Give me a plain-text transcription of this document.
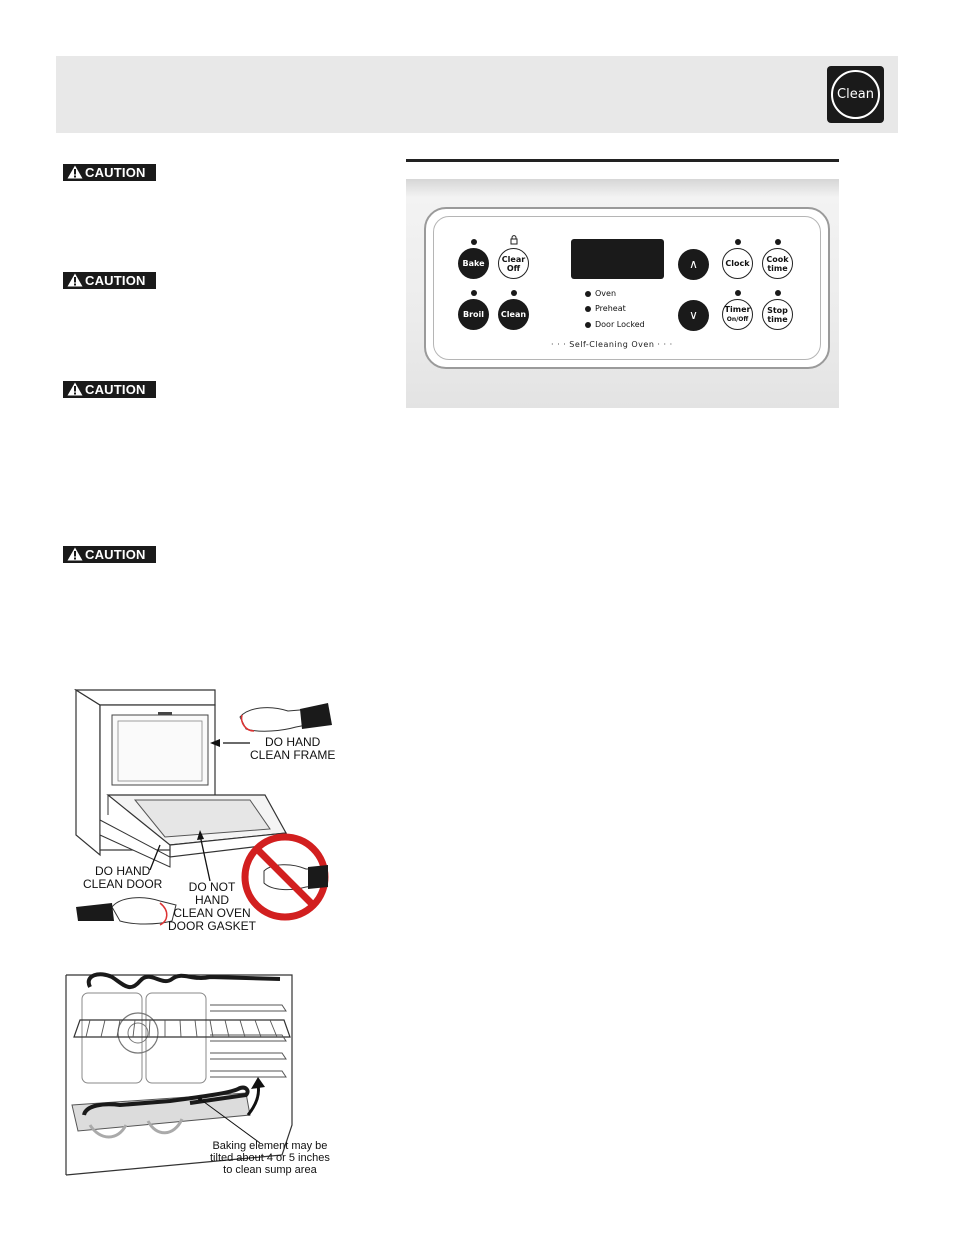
Clean
CAUTION
CAUTION
CAUTION
CAUTION
Bake	Clear
Off
Broil	Clean
Oven
Preheat
Door Locked
∧
∨
Clock	Cook
time
Timer
On/Off
Stop
time
· · · Self-Cleaning Oven · · ·
DO HAND
CLEAN FRAME
DO HAND
CLEAN DOOR	DO NOT
HAND
CLEAN OVEN
DOOR GASKET
Baking element may be
tilted about 4 or 5 inches
to clean sump area
